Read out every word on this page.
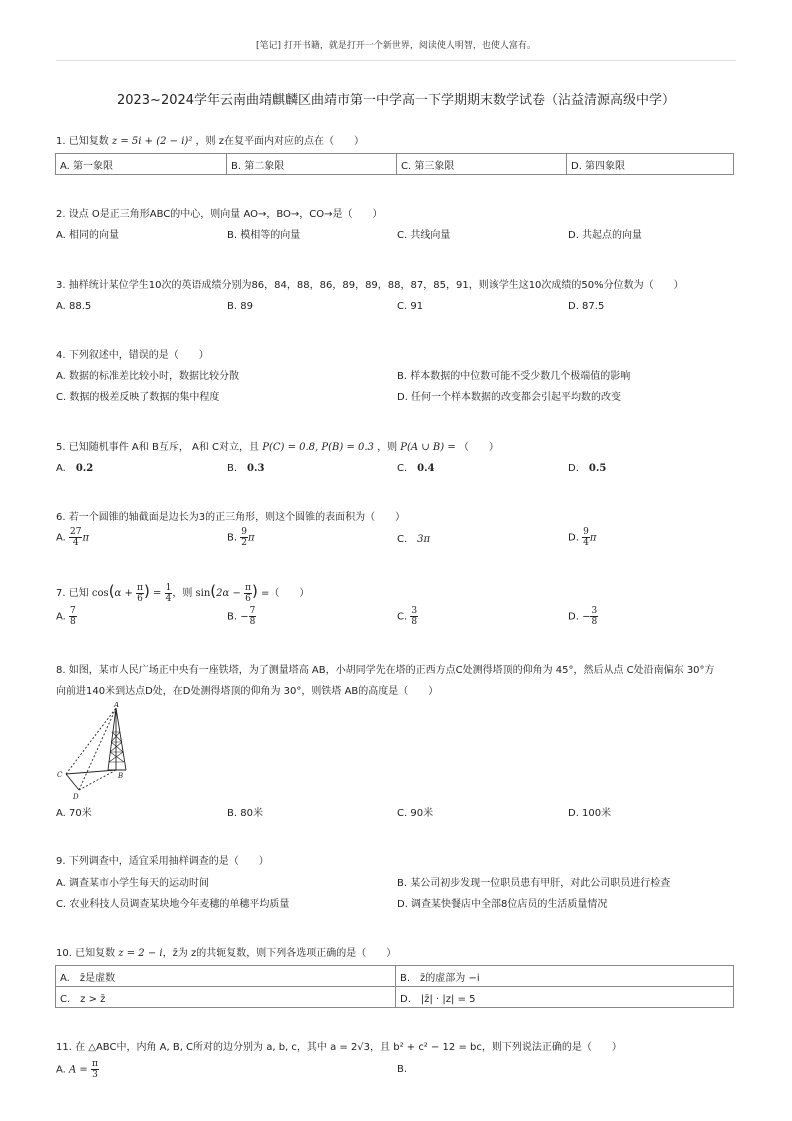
[笔记] 打开书籍，就是打开一个新世界，阅读使人明智，也使人富有。
2023~2024学年云南曲靖麒麟区曲靖市第一中学高一下学期期末数学试卷（沾益清源高级中学）
1. 已知复数 z = 5i + (2 − i)² ，则 z在复平面内对应的点在（　　）
A. 第一象限	B. 第二象限	C. 第三象限	D. 第四象限
2. 设点 O是正三角形ABC的中心，则向量 AO→，BO→，CO→是（　　）
A. 相同的向量	B. 模相等的向量	C. 共线向量	D. 共起点的向量
3. 抽样统计某位学生10次的英语成绩分别为86，84，88，86，89，89，88，87，85，91，则该学生这10次成绩的50%分位数为（　　）
A. 88.5	B. 89	C. 91	D. 87.5
4. 下列叙述中，错误的是（　　）
A. 数据的标准差比较小时，数据比较分散	B. 样本数据的中位数可能不受少数几个极端值的影响
C. 数据的极差反映了数据的集中程度	D. 任何一个样本数据的改变都会引起平均数的改变
5. 已知随机事件 A和 B互斥， A和 C对立，且 P(C) = 0.8, P(B) = 0.3 ，则 P(A ∪ B) = （　　）
A.　 0.2	B.　 0.3	C.　 0.4	D.　 0.5
6. 若一个圆锥的轴截面是边长为3的正三角形，则这个圆锥的表面积为（　　）
A. $\frac{27}{4}$ π	B. $\frac{9}{2}$ π	C.　 3π	D. $\frac{9}{4}$ π
7. 已知 $\cos(\alpha + \frac{\pi}{6}$ ) = $\frac{1}{4}$ ，则 $\sin(2\alpha - \frac{\pi}{6}$ ) =（　　）
A. $\frac{7}{8}$	B. − $\frac{7}{8}$	C. $\frac{3}{8}$	D. − $\frac{3}{8}$
8. 如图，某市人民广场正中央有一座铁塔，为了测量塔高 AB，小胡同学先在塔的正西方点C处测得塔顶的仰角为 45°，然后从点 C处沿南偏东 30°方
向前进140米到达点D处，在D处测得塔顶的仰角为 30°，则铁塔 AB的高度是（　　）
A
B
C
D
A. 70米	B. 80米	C. 90米	D. 100米
9. 下列调查中，适宜采用抽样调查的是（　　）
A. 调查某市小学生每天的运动时间	B. 某公司初步发现一位职员患有甲肝，对此公司职员进行检查
C. 农业科技人员调查某块地今年麦穗的单穗平均质量	D. 调查某快餐店中全部8位店员的生活质量情况
10. 已知复数 z = 2 − i，z̄为 z的共轭复数，则下列各选项正确的是（　　）
A.　z̄是虚数	B.　z̄的虚部为 −i
C.　z > z̄	D.　|z̄| · |z| = 5
11. 在 △ABC中，内角 A, B, C所对的边分别为 a, b, c，其中 a = 2√3，且 b² + c² − 12 = bc，则下列说法正确的是（　　）
A. $A = \frac{\pi}{3}$	B.
